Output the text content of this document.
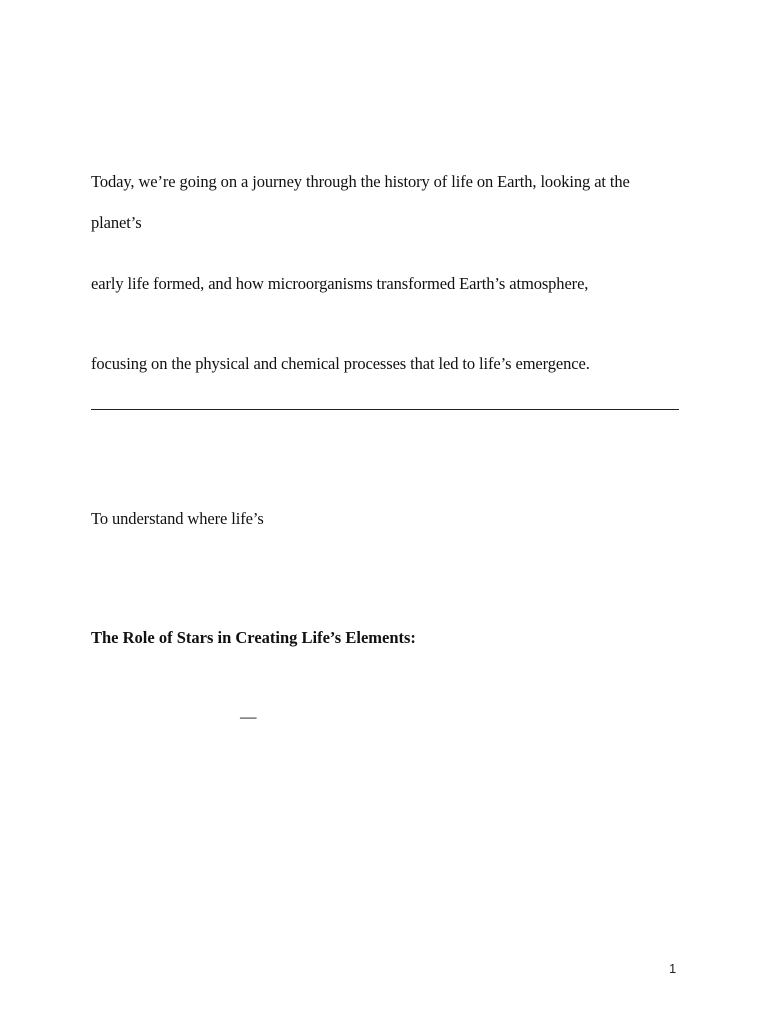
Today, we’re going on a journey through the history of life on Earth, looking at the
planet’s
early life formed, and how microorganisms transformed Earth’s atmosphere,
focusing on the physical and chemical processes that led to life’s emergence.
To understand where life’s
The Role of Stars in Creating Life’s Elements:
—
1
